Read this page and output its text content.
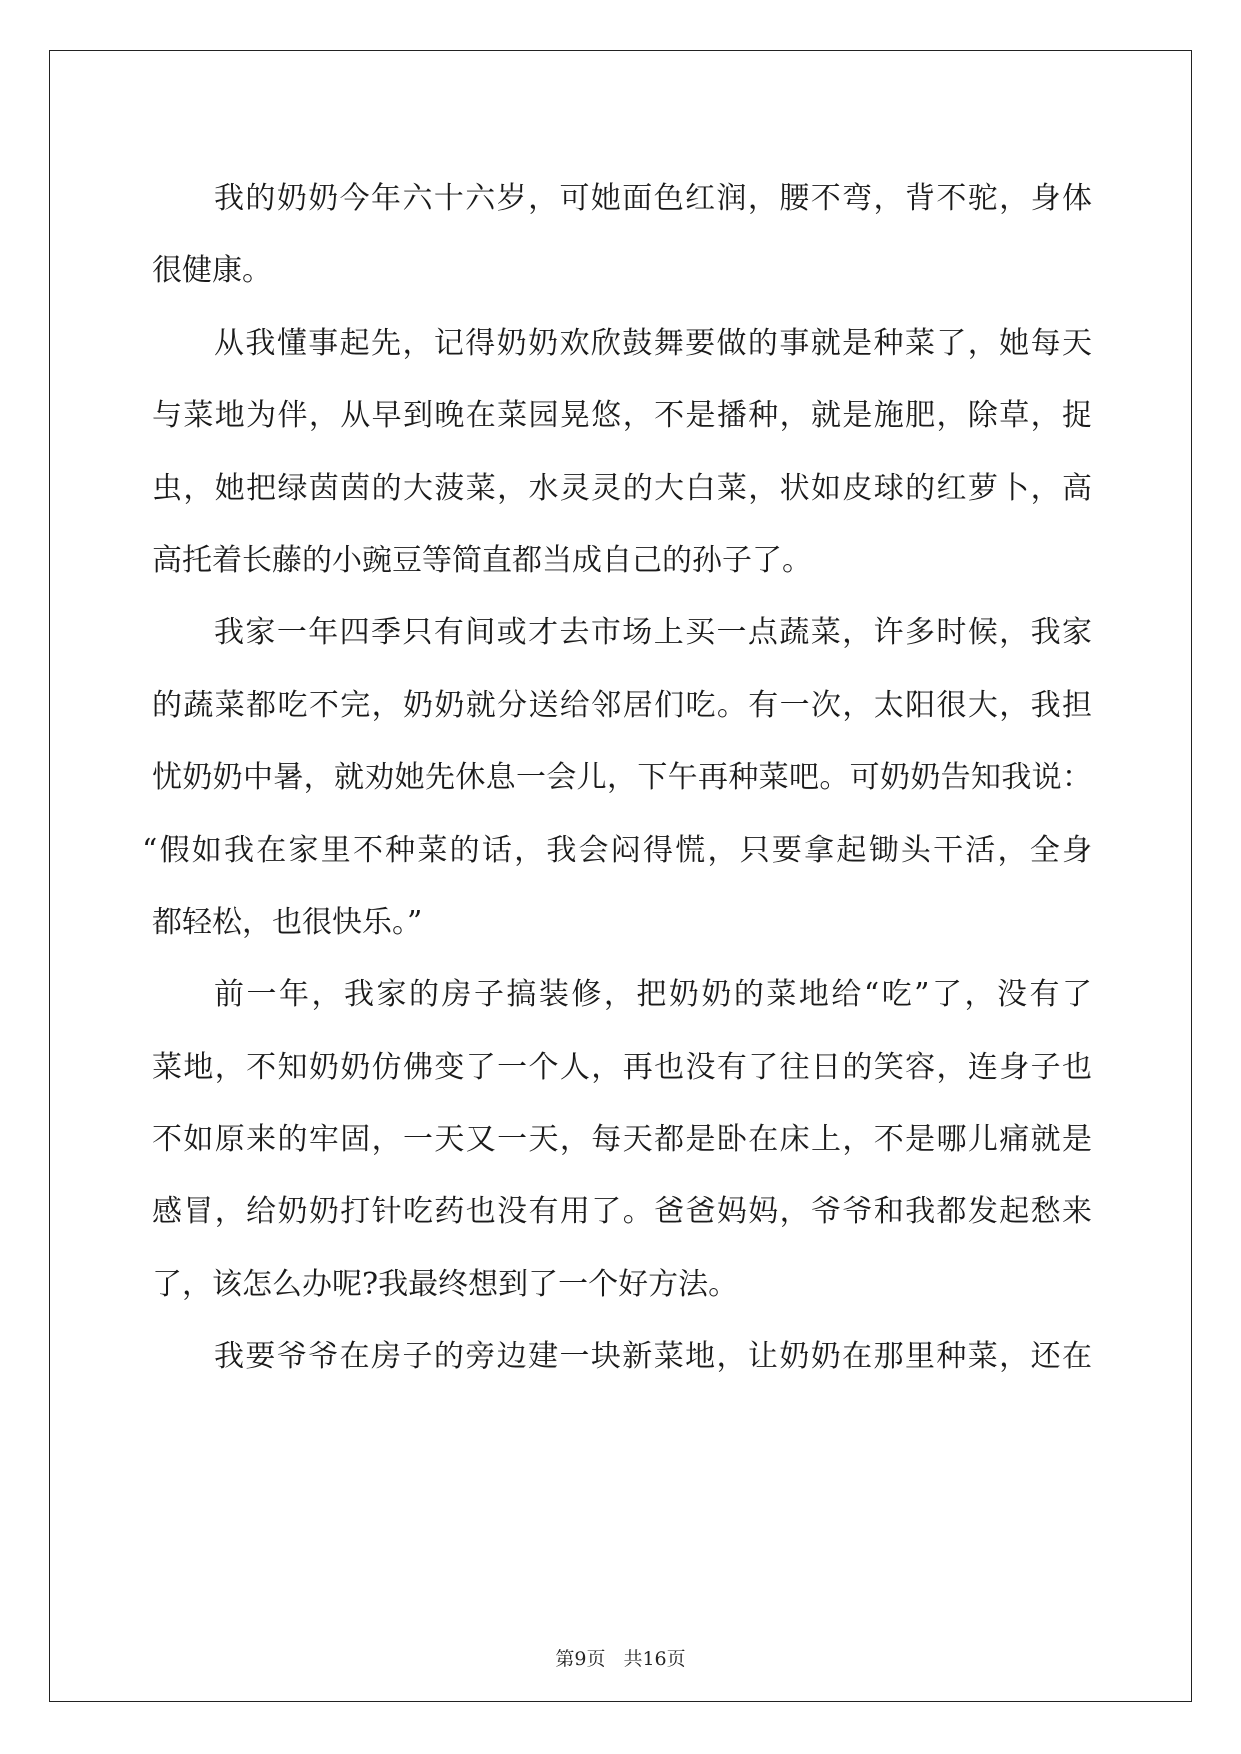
我的奶奶今年六十六岁，可她面色红润，腰不弯，背不驼，身体
很健康。
从我懂事起先，记得奶奶欢欣鼓舞要做的事就是种菜了，她每天
与菜地为伴，从早到晚在菜园晃悠，不是播种，就是施肥，除草，捉
虫，她把绿茵茵的大菠菜，水灵灵的大白菜，状如皮球的红萝卜，高
高托着长藤的小豌豆等简直都当成自己的孙子了。
我家一年四季只有间或才去市场上买一点蔬菜，许多时候，我家
的蔬菜都吃不完，奶奶就分送给邻居们吃。有一次，太阳很大，我担
忧奶奶中暑，就劝她先休息一会儿，下午再种菜吧。可奶奶告知我说：
“假如我在家里不种菜的话，我会闷得慌，只要拿起锄头干活，全身
都轻松，也很快乐。”
前一年，我家的房子搞装修，把奶奶的菜地给“吃”了，没有了
菜地，不知奶奶仿佛变了一个人，再也没有了往日的笑容，连身子也
不如原来的牢固，一天又一天，每天都是卧在床上，不是哪儿痛就是
感冒，给奶奶打针吃药也没有用了。爸爸妈妈，爷爷和我都发起愁来
了，该怎么办呢?我最终想到了一个好方法。
我要爷爷在房子的旁边建一块新菜地，让奶奶在那里种菜，还在
第9页 共16页
